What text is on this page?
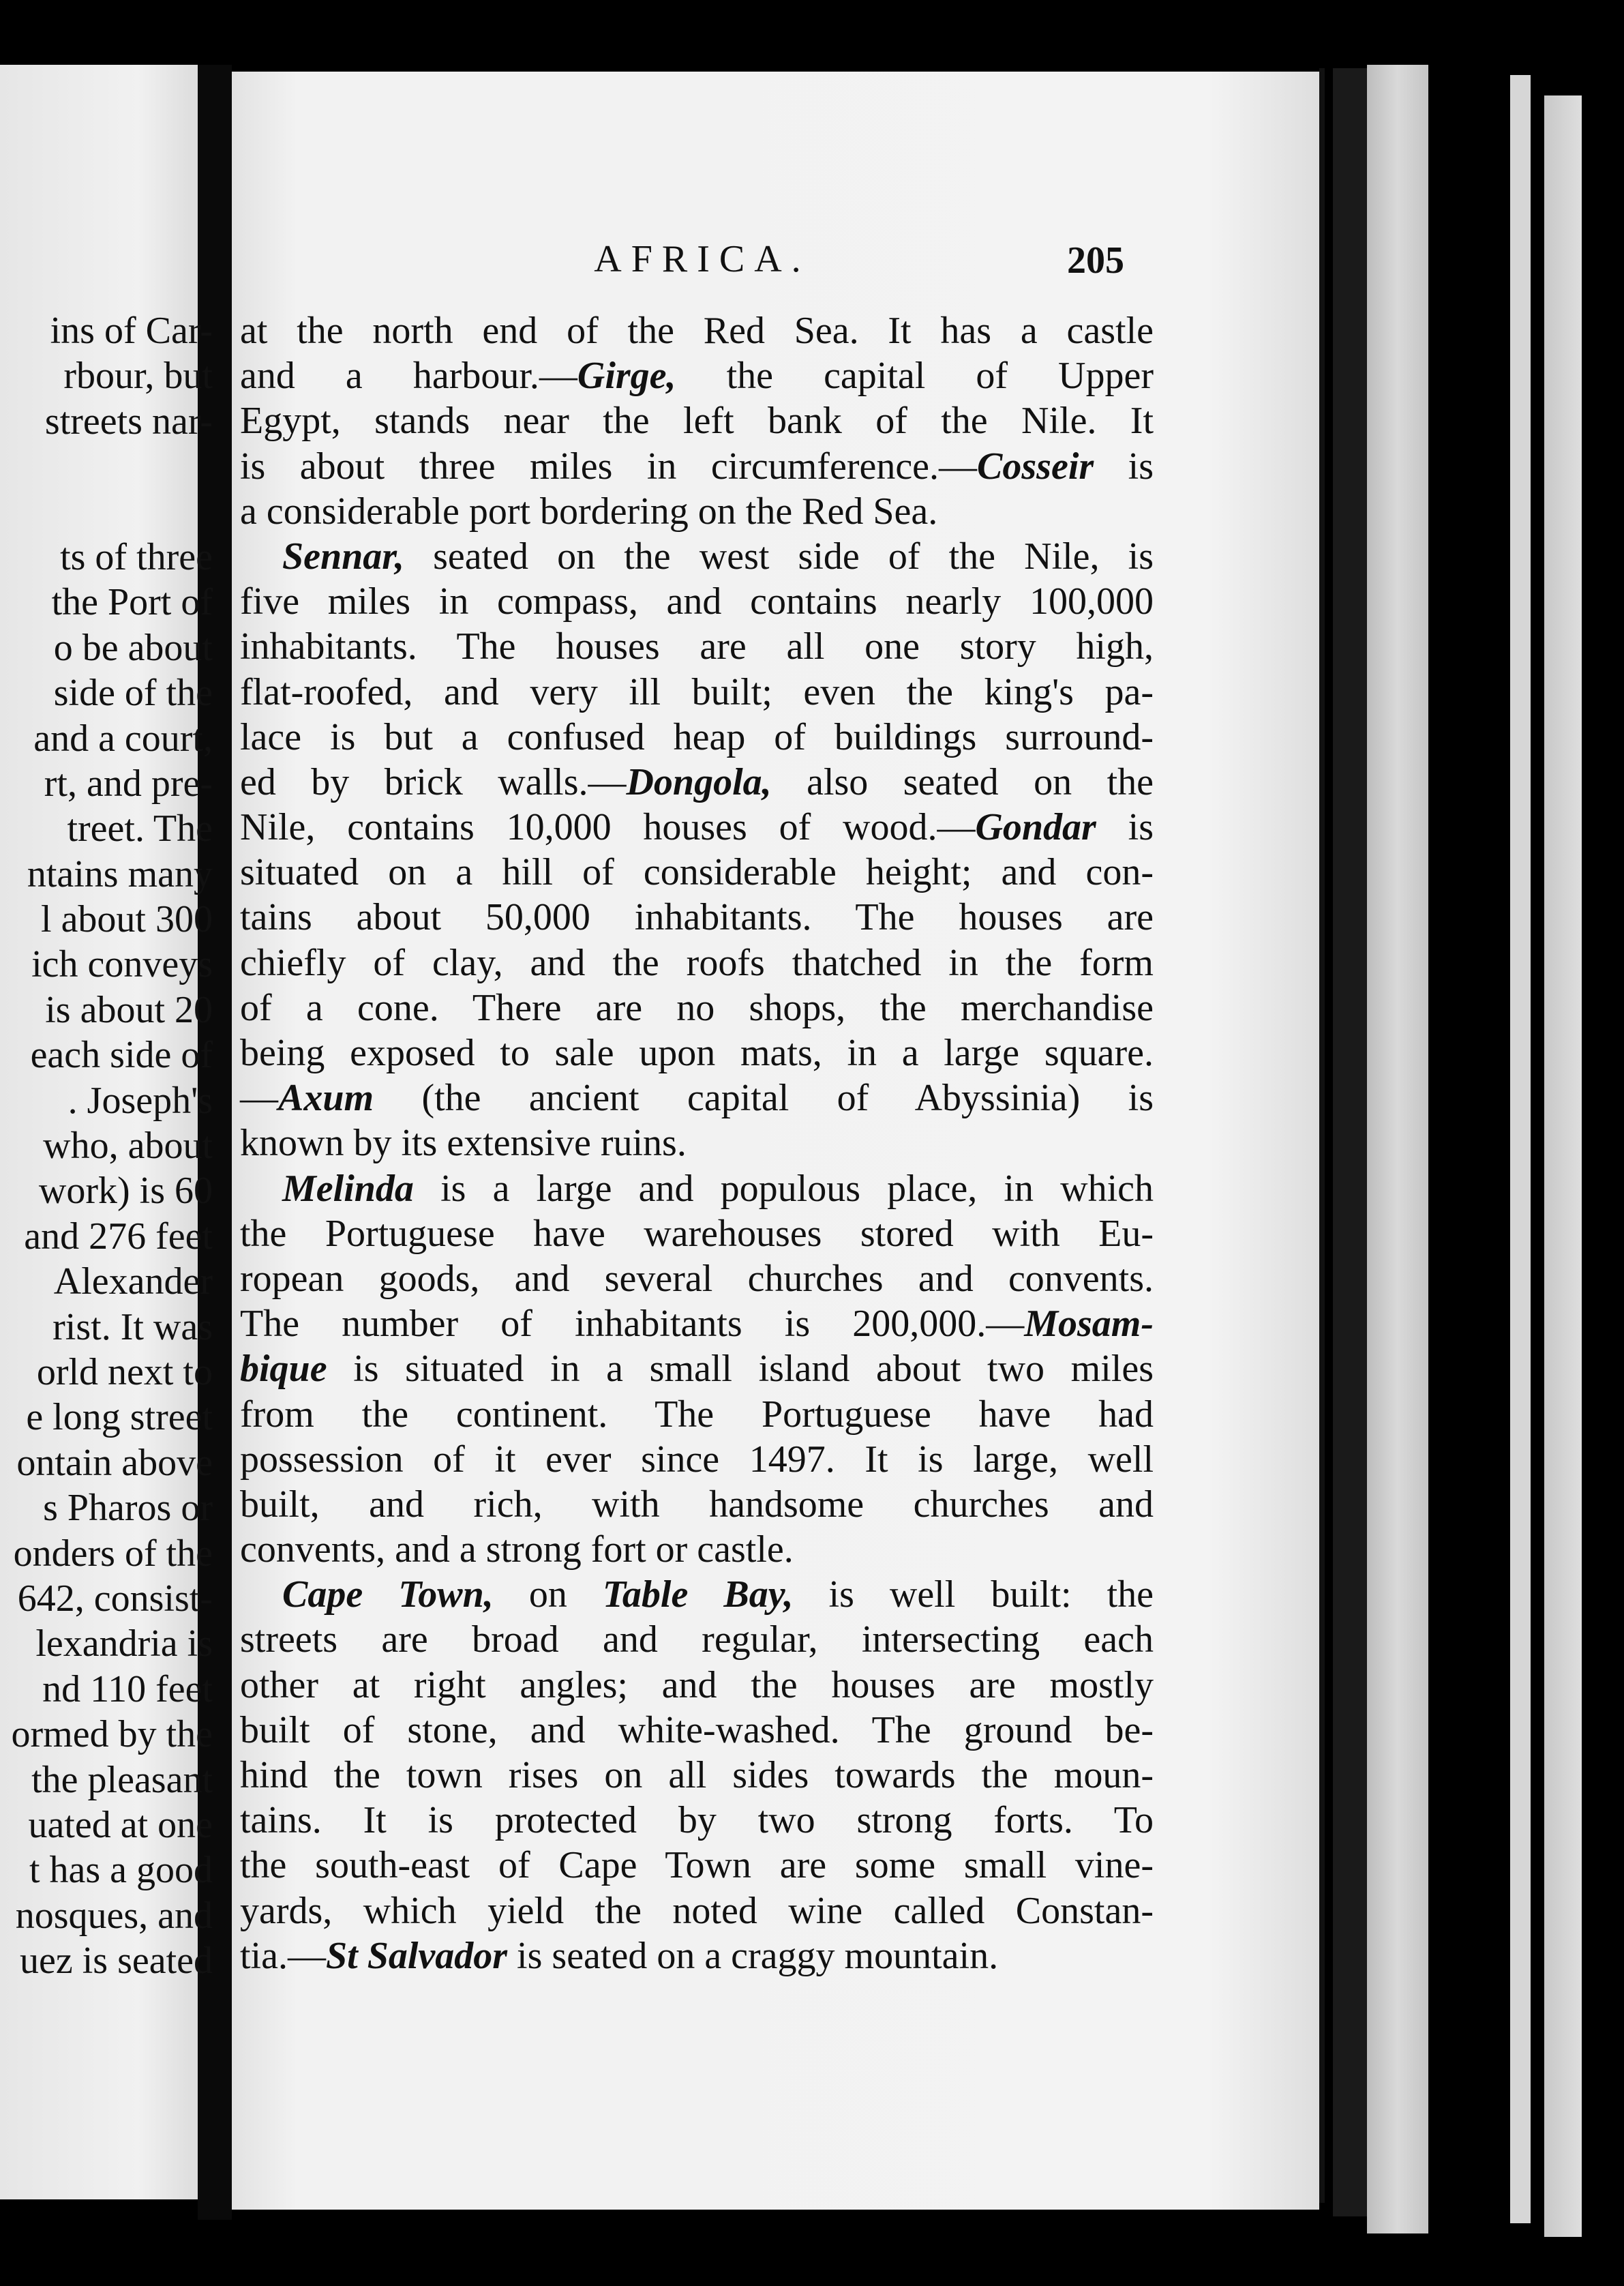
ins of Car-
rbour, but
streets nar-
ts of three
the Port of
o be about
side of the
and a court,
rt, and pre-
treet. The
ntains many
l about 300
ich conveys
is about 20
each side of
. Joseph's
who, about
work) is 60
and 276 feet
Alexander
rist. It was
orld next to
e long street
ontain above
s Pharos or
onders of the
642, consist-
lexandria is
nd 110 feet
ormed by the
the pleasant
uated at one
t has a good
nosques, and
uez is seated
AFRICA.	205
at the north end of the Red Sea. It has a castle
and a harbour.—Girge, the capital of Upper
Egypt, stands near the left bank of the Nile. It
is about three miles in circumference.—Cosseir is
a considerable port bordering on the Red Sea.
Sennar, seated on the west side of the Nile, is
five miles in compass, and contains nearly 100,000
inhabitants. The houses are all one story high,
flat-roofed, and very ill built; even the king's pa-
lace is but a confused heap of buildings surround-
ed by brick walls.—Dongola, also seated on the
Nile, contains 10,000 houses of wood.—Gondar is
situated on a hill of considerable height; and con-
tains about 50,000 inhabitants. The houses are
chiefly of clay, and the roofs thatched in the form
of a cone. There are no shops, the merchandise
being exposed to sale upon mats, in a large square.
—Axum (the ancient capital of Abyssinia) is
known by its extensive ruins.
Melinda is a large and populous place, in which
the Portuguese have warehouses stored with Eu-
ropean goods, and several churches and convents.
The number of inhabitants is 200,000.—Mosam-
bique is situated in a small island about two miles
from the continent. The Portuguese have had
possession of it ever since 1497. It is large, well
built, and rich, with handsome churches and
convents, and a strong fort or castle.
Cape Town, on Table Bay, is well built: the
streets are broad and regular, intersecting each
other at right angles; and the houses are mostly
built of stone, and white-washed. The ground be-
hind the town rises on all sides towards the moun-
tains. It is protected by two strong forts. To
the south-east of Cape Town are some small vine-
yards, which yield the noted wine called Constan-
tia.—St Salvador is seated on a craggy mountain.
